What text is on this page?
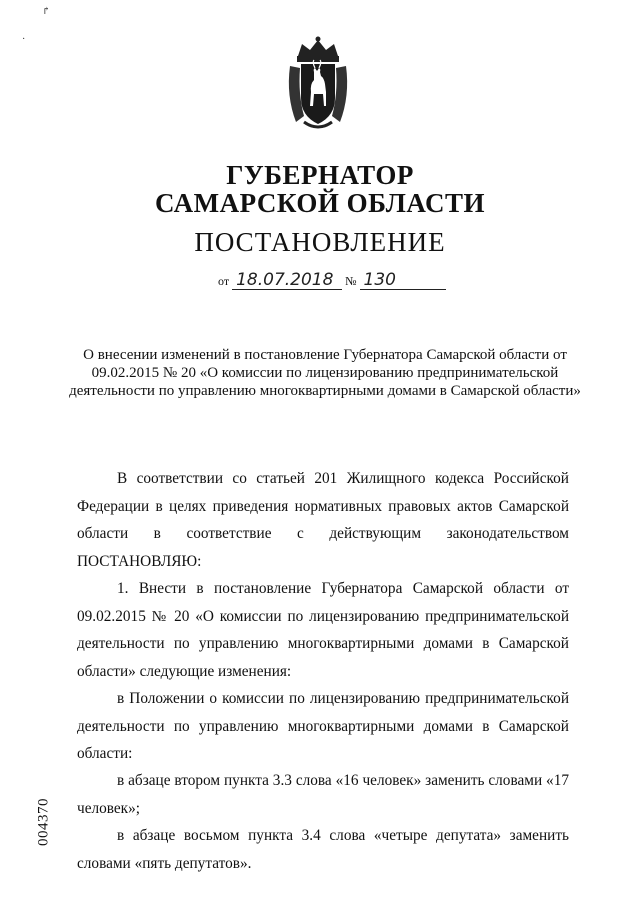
↱
·
ГУБЕРНАТОР
САМАРСКОЙ ОБЛАСТИ
ПОСТАНОВЛЕНИЕ
от 18.07.2018 № 130
О внесении изменений в постановление Губернатора Самарской области от 09.02.2015 № 20 «О комиссии по лицензированию предпринимательской деятельности по управлению многоквартирными домами в Самарской области»
В соответствии со статьей 201 Жилищного кодекса Российской Федерации в целях приведения нормативных правовых актов Самарской области в соответствие с действующим законодательством ПОСТАНОВЛЯЮ:
1. Внести в постановление Губернатора Самарской области от 09.02.2015 № 20 «О комиссии по лицензированию предпринимательской деятельности по управлению многоквартирными домами в Самарской области» следующие изменения:
в Положении о комиссии по лицензированию предпринимательской деятельности по управлению многоквартирными домами в Самарской области:
в абзаце втором пункта 3.3 слова «16 человек» заменить словами «17 человек»;
в абзаце восьмом пункта 3.4 слова «четыре депутата» заменить словами «пять депутатов».
004370
